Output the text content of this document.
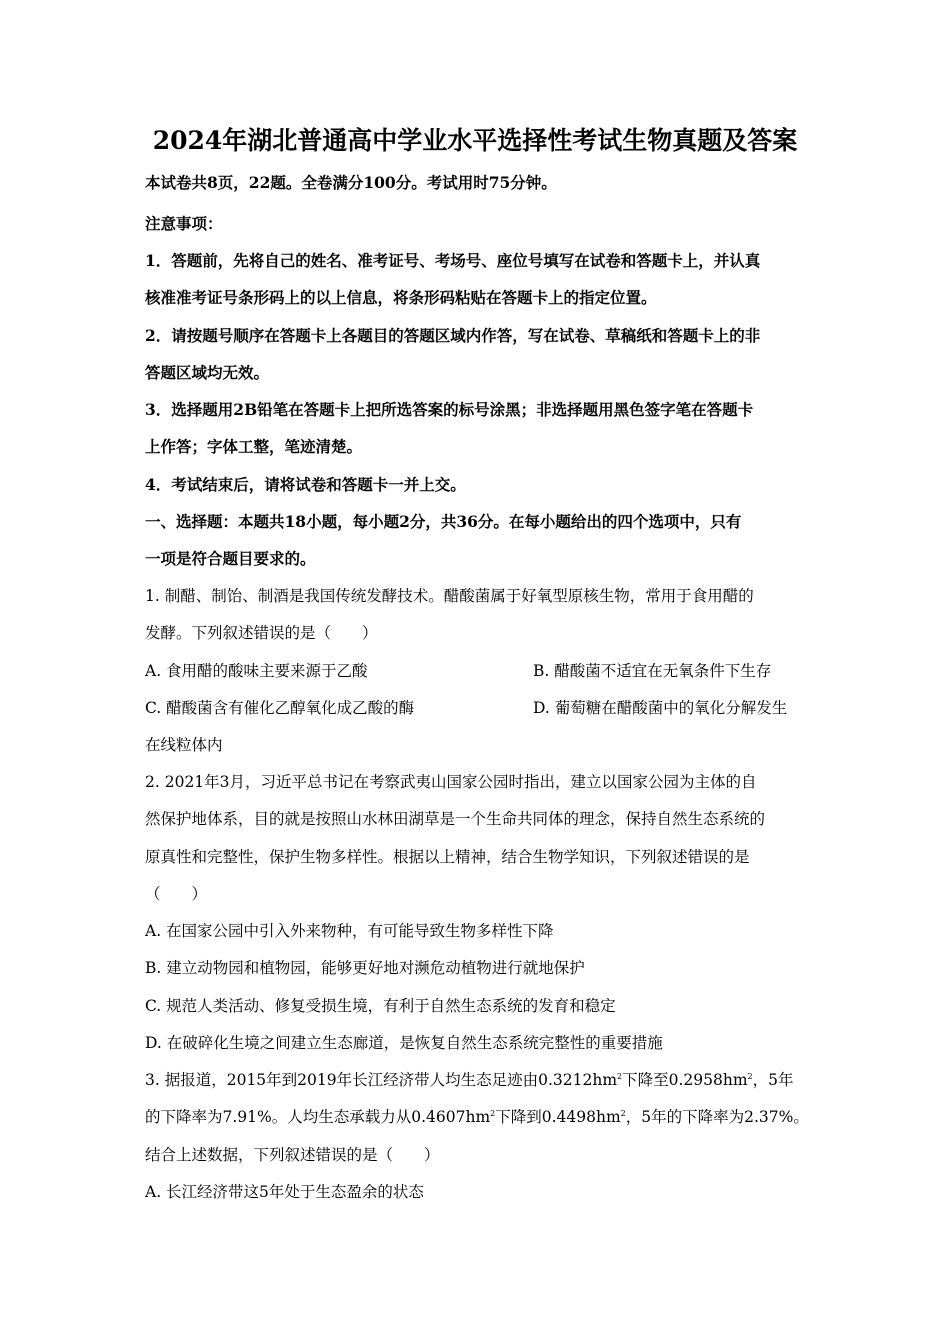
2024年湖北普通高中学业水平选择性考试生物真题及答案
本试卷共8页，22题。全卷满分100分。考试用时75分钟。
注意事项：
1．答题前，先将自己的姓名、准考证号、考场号、座位号填写在试卷和答题卡上，并认真
核准准考证号条形码上的以上信息，将条形码粘贴在答题卡上的指定位置。
2．请按题号顺序在答题卡上各题目的答题区域内作答，写在试卷、草稿纸和答题卡上的非
答题区域均无效。
3．选择题用2B铅笔在答题卡上把所选答案的标号涂黑；非选择题用黑色签字笔在答题卡
上作答；字体工整，笔迹清楚。
4．考试结束后，请将试卷和答题卡一并上交。
一、选择题：本题共18小题，每小题2分，共36分。在每小题给出的四个选项中，只有
一项是符合题目要求的。
1. 制醋、制饴、制酒是我国传统发酵技术。醋酸菌属于好氧型原核生物，常用于食用醋的
发酵。下列叙述错误的是（　　）
A. 食用醋的酸味主要来源于乙酸	B. 醋酸菌不适宜在无氧条件下生存
C. 醋酸菌含有催化乙醇氧化成乙酸的酶	D. 葡萄糖在醋酸菌中的氧化分解发生
在线粒体内
2. 2021年3月，习近平总书记在考察武夷山国家公园时指出，建立以国家公园为主体的自
然保护地体系，目的就是按照山水林田湖草是一个生命共同体的理念，保持自然生态系统的
原真性和完整性，保护生物多样性。根据以上精神，结合生物学知识，下列叙述错误的是
（　　）
A. 在国家公园中引入外来物种，有可能导致生物多样性下降
B. 建立动物园和植物园，能够更好地对濒危动植物进行就地保护
C. 规范人类活动、修复受损生境，有利于自然生态系统的发育和稳定
D. 在破碎化生境之间建立生态廊道，是恢复自然生态系统完整性的重要措施
3. 据报道，2015年到2019年长江经济带人均生态足迹由$0.3212hm^2$下降至$0.2958hm^2$，5年
的下降率为7.91%。人均生态承载力从$0.4607hm^2$下降到$0.4498hm^2$，5年的下降率为2.37%。
结合上述数据，下列叙述错误的是（　　）
A. 长江经济带这5年处于生态盈余的状态
